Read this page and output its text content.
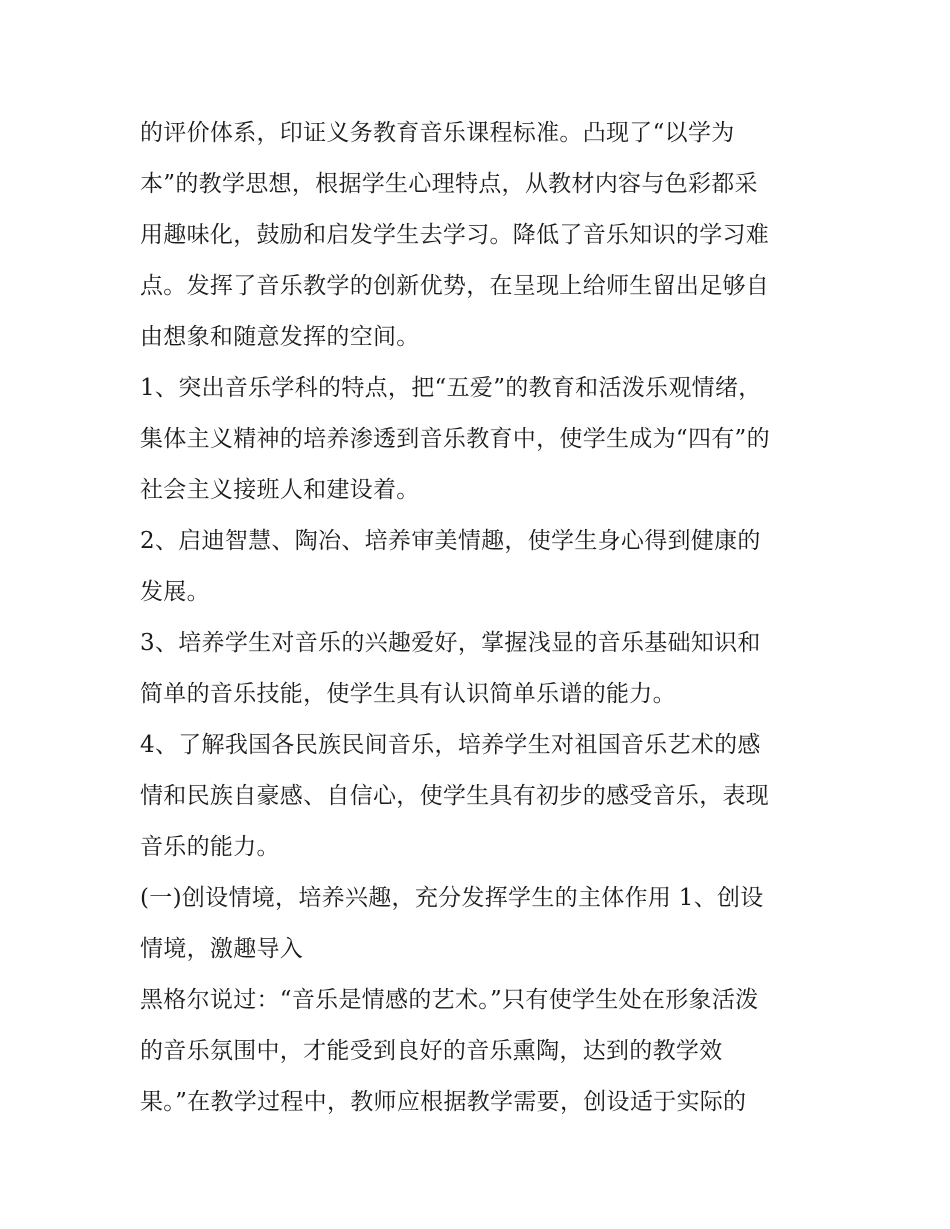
的评价体系，印证义务教育音乐课程标准。凸现了“以学为
本”的教学思想，根据学生心理特点，从教材内容与色彩都采
用趣味化，鼓励和启发学生去学习。降低了音乐知识的学习难
点。发挥了音乐教学的创新优势，在呈现上给师生留出足够自
由想象和随意发挥的空间。
1、突出音乐学科的特点，把“五爱”的教育和活泼乐观情绪，
集体主义精神的培养渗透到音乐教育中，使学生成为“四有”的
社会主义接班人和建设着。
2、启迪智慧、陶冶、培养审美情趣，使学生身心得到健康的
发展。
3、培养学生对音乐的兴趣爱好，掌握浅显的音乐基础知识和
简单的音乐技能，使学生具有认识简单乐谱的能力。
4、了解我国各民族民间音乐，培养学生对祖国音乐艺术的感
情和民族自豪感、自信心，使学生具有初步的感受音乐，表现
音乐的能力。
(一)创设情境，培养兴趣，充分发挥学生的主体作用 1、创设
情境，激趣导入
黑格尔说过：“音乐是情感的艺术。”只有使学生处在形象活泼
的音乐氛围中，才能受到良好的音乐熏陶，达到的教学效
果。”在教学过程中，教师应根据教学需要，创设适于实际的
